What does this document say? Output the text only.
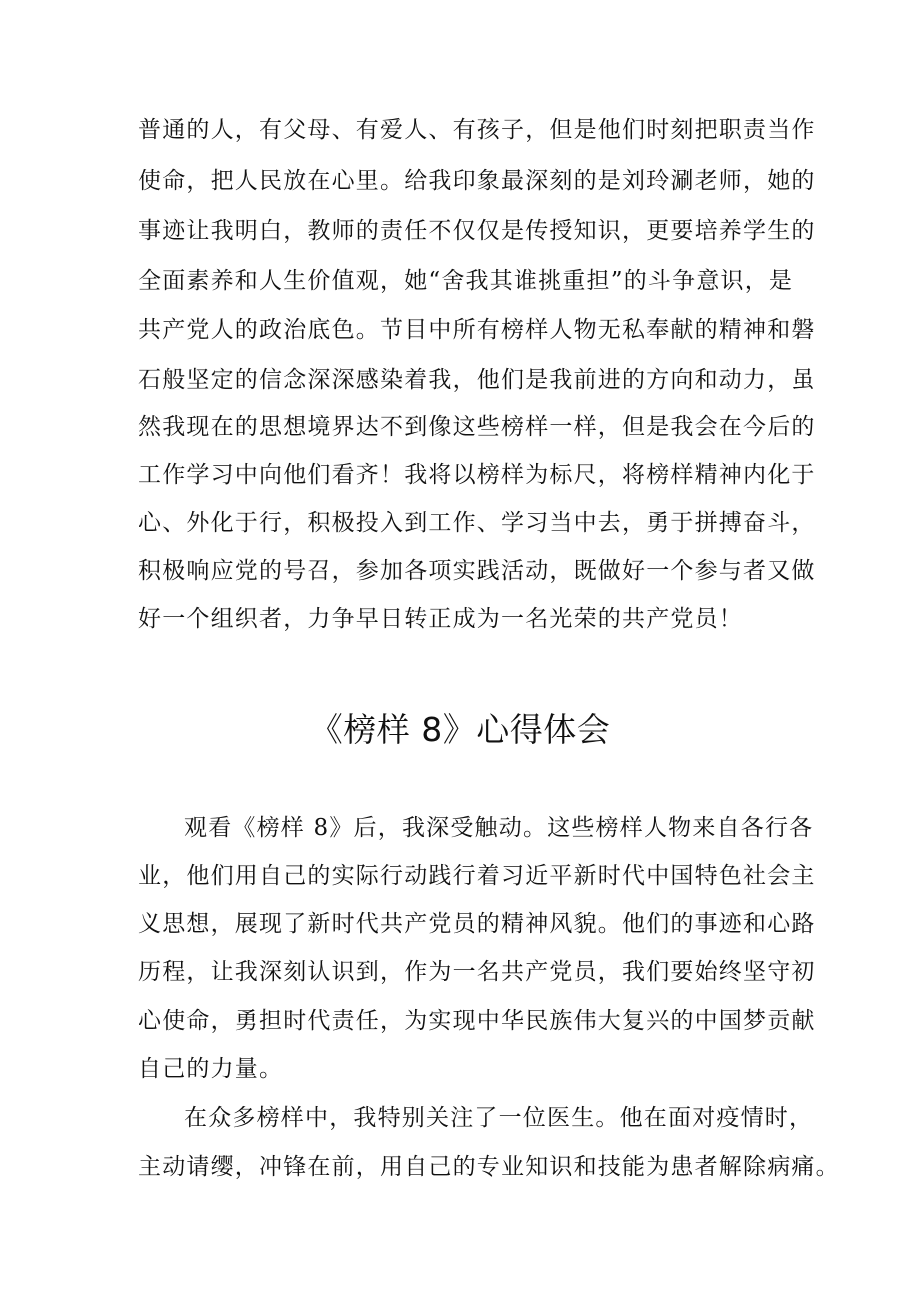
普通的人，有父母、有爱人、有孩子，但是他们时刻把职责当作
使命，把人民放在心里。给我印象最深刻的是刘玲涮老师，她的
事迹让我明白，教师的责任不仅仅是传授知识，更要培养学生的
全面素养和人生价值观，她“舍我其谁挑重担”的斗争意识，是
共产党人的政治底色。节目中所有榜样人物无私奉献的精神和磐
石般坚定的信念深深感染着我，他们是我前进的方向和动力，虽
然我现在的思想境界达不到像这些榜样一样，但是我会在今后的
工作学习中向他们看齐！我将以榜样为标尺，将榜样精神内化于
心、外化于行，积极投入到工作、学习当中去，勇于拼搏奋斗，
积极响应党的号召，参加各项实践活动，既做好一个参与者又做
好一个组织者，力争早日转正成为一名光荣的共产党员！
《榜样 8》心得体会
观看《榜样 8》后，我深受触动。这些榜样人物来自各行各
业，他们用自己的实际行动践行着习近平新时代中国特色社会主
义思想，展现了新时代共产党员的精神风貌。他们的事迹和心路
历程，让我深刻认识到，作为一名共产党员，我们要始终坚守初
心使命，勇担时代责任，为实现中华民族伟大复兴的中国梦贡献
自己的力量。
在众多榜样中，我特别关注了一位医生。他在面对疫情时，
主动请缨，冲锋在前，用自己的专业知识和技能为患者解除病痛。
